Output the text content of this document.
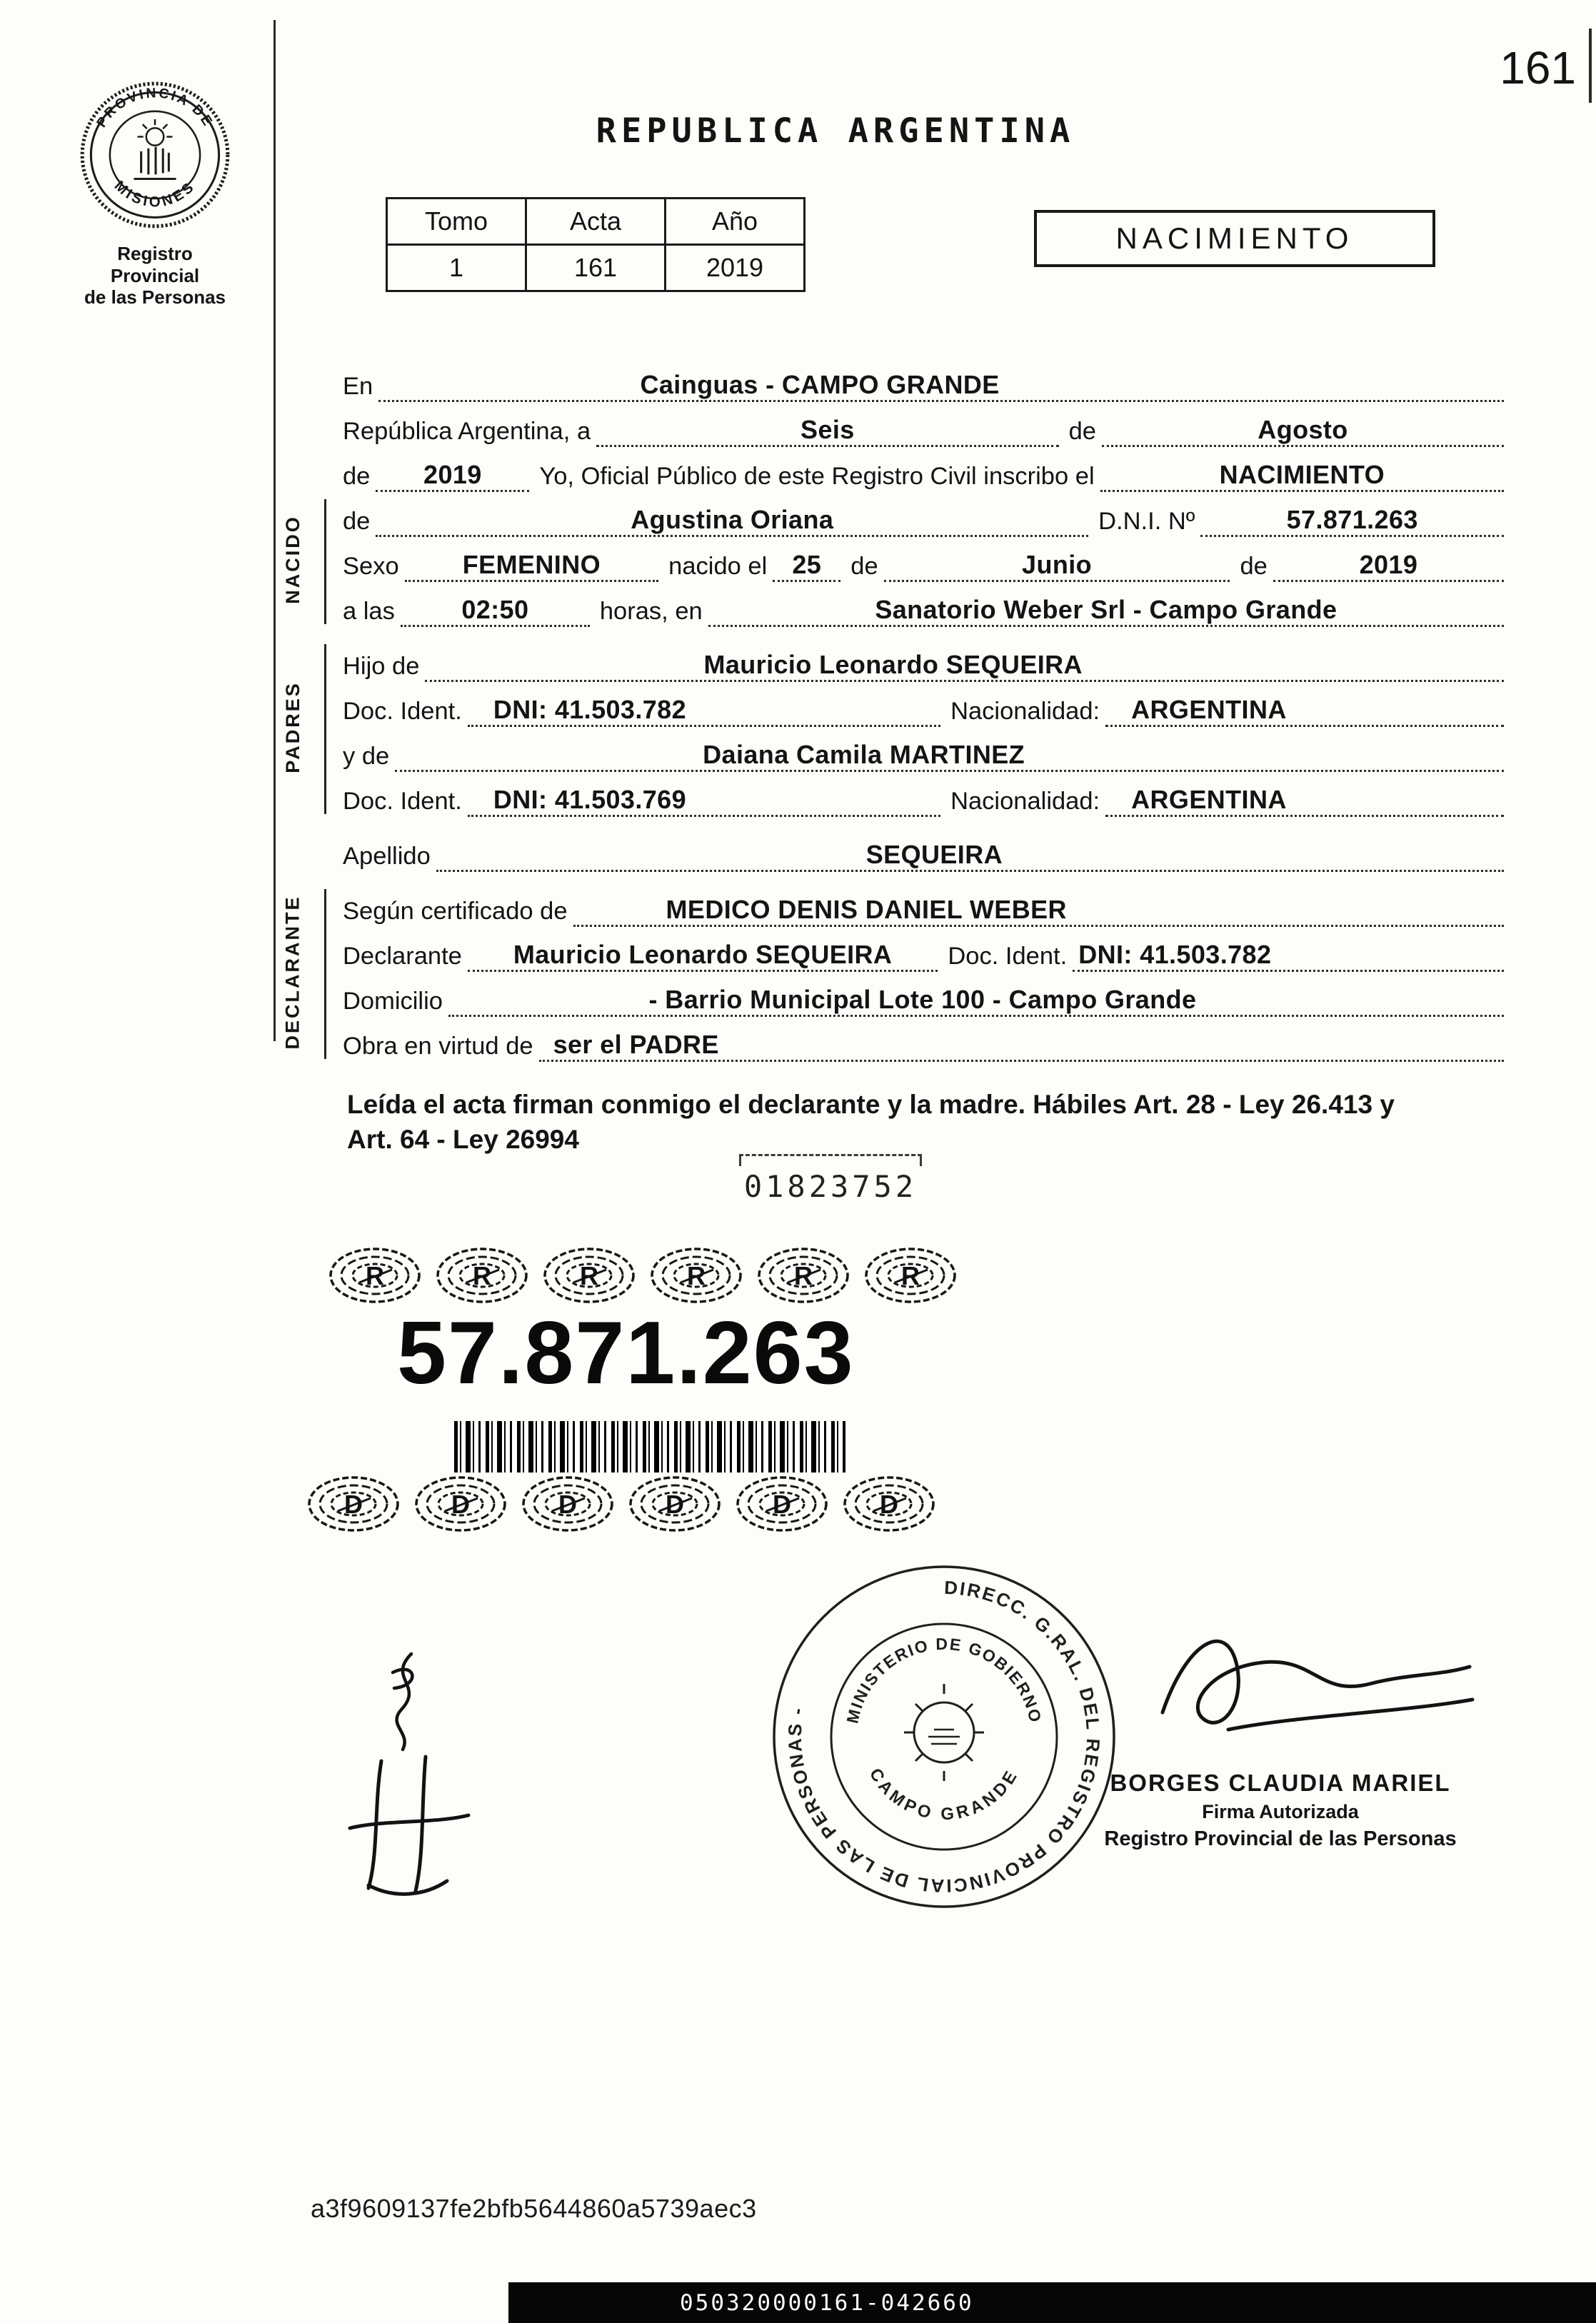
161
PROVINCIA DE
MISIONES
Registro Provincial
de las Personas
REPUBLICA ARGENTINA
Tomo	Acta	Año
1	161	2019
NACIMIENTO
En	Cainguas - CAMPO GRANDE
República Argentina, a	Seis	de	Agosto
de	2019	Yo, Oficial Público de este Registro Civil inscribo el	NACIMIENTO
NACIDO de	Agustina Oriana	D.N.I. Nº	57.871.263
Sexo	FEMENINO	nacido el 25	de	Junio	de	2019
a las	02:50	horas, en	Sanatorio Weber Srl - Campo Grande
PADRES
Hijo de	Mauricio Leonardo SEQUEIRA
Doc. Ident.	DNI: 41.503.782	Nacionalidad:	ARGENTINA
y de	Daiana Camila MARTINEZ
Doc. Ident.	DNI: 41.503.769	Nacionalidad:	ARGENTINA
Apellido	SEQUEIRA
DECLARANTE Según certificado de	MEDICO DENIS DANIEL WEBER
Declarante	Mauricio Leonardo SEQUEIRA	Doc. Ident. DNI: 41.503.782
Domicilio	- Barrio Municipal Lote 100 - Campo Grande
Obra en virtud de ser el PADRE
Leída el acta firman conmigo el declarante y la madre. Hábiles Art. 28 - Ley 26.413 y Art. 64 - Ley 26994
01823752
R	R	R	R	R	R
57.871.263
D	D	D	D	D	D
DIRECC. G.RAL. DEL REGISTRO PROVINCIAL DE LAS PERSONAS -	MINISTERIO DE GOBIERNO
CAMPO GRANDE	BORGES CLAUDIA MARIEL
Firma Autorizada
Registro Provincial de las Personas
a3f9609137fe2bfb5644860a5739aec3
050320000161-042660
